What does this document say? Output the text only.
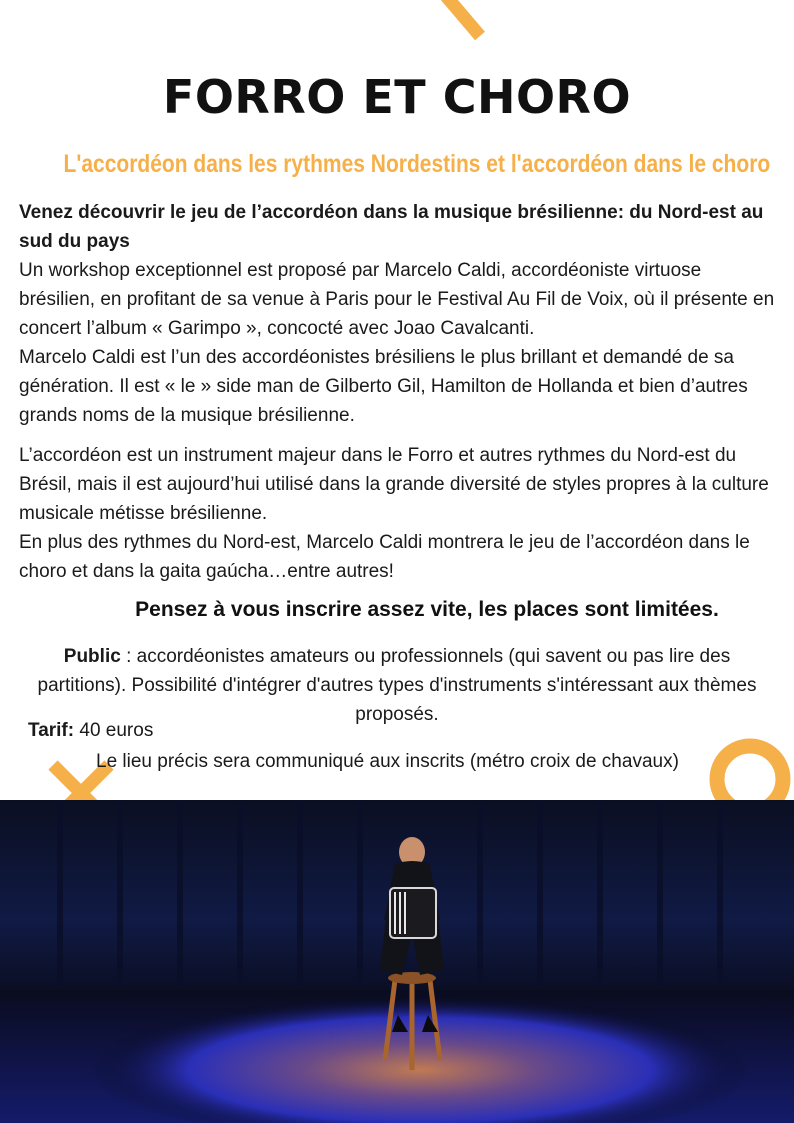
FORRO ET CHORO
L'accordéon dans les rythmes Nordestins et l'accordéon dans le choro
Venez découvrir le jeu de l’accordéon dans la musique brésilienne: du Nord-est au sud du pays
Un workshop exceptionnel est proposé par Marcelo Caldi, accordéoniste virtuose brésilien, en profitant de sa venue à Paris pour le Festival Au Fil de Voix, où il présente en concert l’album « Garimpo », concocté avec Joao Cavalcanti.
Marcelo Caldi est l’un des accordéonistes brésiliens le plus brillant et demandé de sa génération. Il est « le » side man de Gilberto Gil, Hamilton de Hollanda et bien d’autres grands noms de la musique brésilienne.
L’accordéon est un instrument majeur dans le Forro et autres rythmes du Nord-est du Brésil, mais il est aujourd’hui utilisé dans la grande diversité de styles propres à la culture musicale métisse brésilienne.
En plus des rythmes du Nord-est, Marcelo Caldi montrera le jeu de l’accordéon dans le choro et dans la gaita gaúcha…entre autres!
Pensez à vous inscrire assez vite, les places sont limitées.
Public : accordéonistes amateurs ou professionnels (qui savent ou pas lire des partitions). Possibilité d'intégrer d'autres types d'instruments s'intéressant aux thèmes proposés.
Tarif: 40 euros
Le lieu précis sera communiqué aux inscrits (métro croix de chavaux)
